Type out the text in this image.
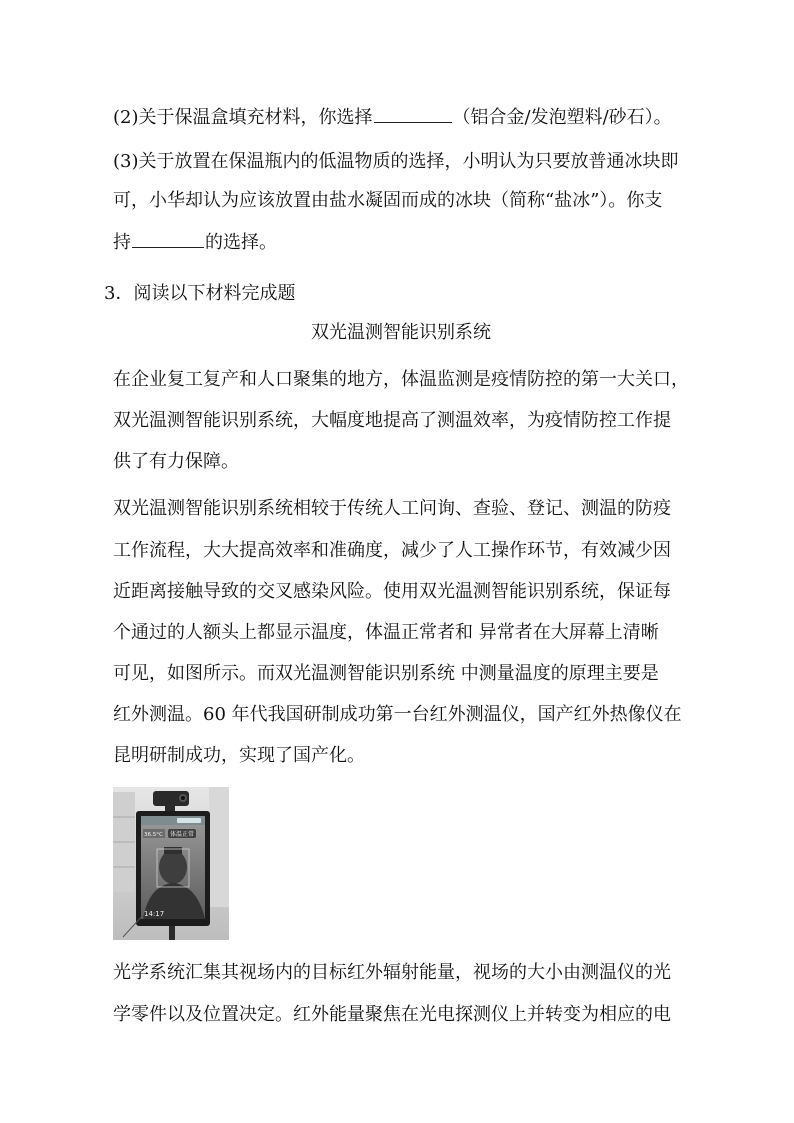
(2)关于保温盒填充材料，你选择	（铝合金/发泡塑料/砂石）。
(3)关于放置在保温瓶内的低温物质的选择，小明认为只要放普通冰块即
可，小华却认为应该放置由盐水凝固而成的冰块（简称“盐冰”）。你支
持	的选择。
3．阅读以下材料完成题
双光温测智能识别系统
在企业复工复产和人口聚集的地方，体温监测是疫情防控的第一大关口，
双光温测智能识别系统，大幅度地提高了测温效率，为疫情防控工作提
供了有力保障。
双光温测智能识别系统相较于传统人工问询、查验、登记、测温的防疫
工作流程，大大提高效率和准确度，减少了人工操作环节，有效减少因
近距离接触导致的交叉感染风险。使用双光温测智能识别系统，保证每
个通过的人额头上都显示温度，体温正常者和 异常者在大屏幕上清晰
可见，如图所示。而双光温测智能识别系统 中测量温度的原理主要是
红外测温。60 年代我国研制成功第一台红外测温仪，国产红外热像仪在
昆明研制成功，实现了国产化。
36.5°C 体温正常
14:17
光学系统汇集其视场内的目标红外辐射能量，视场的大小由测温仪的光
学零件以及位置决定。红外能量聚焦在光电探测仪上并转变为相应的电
